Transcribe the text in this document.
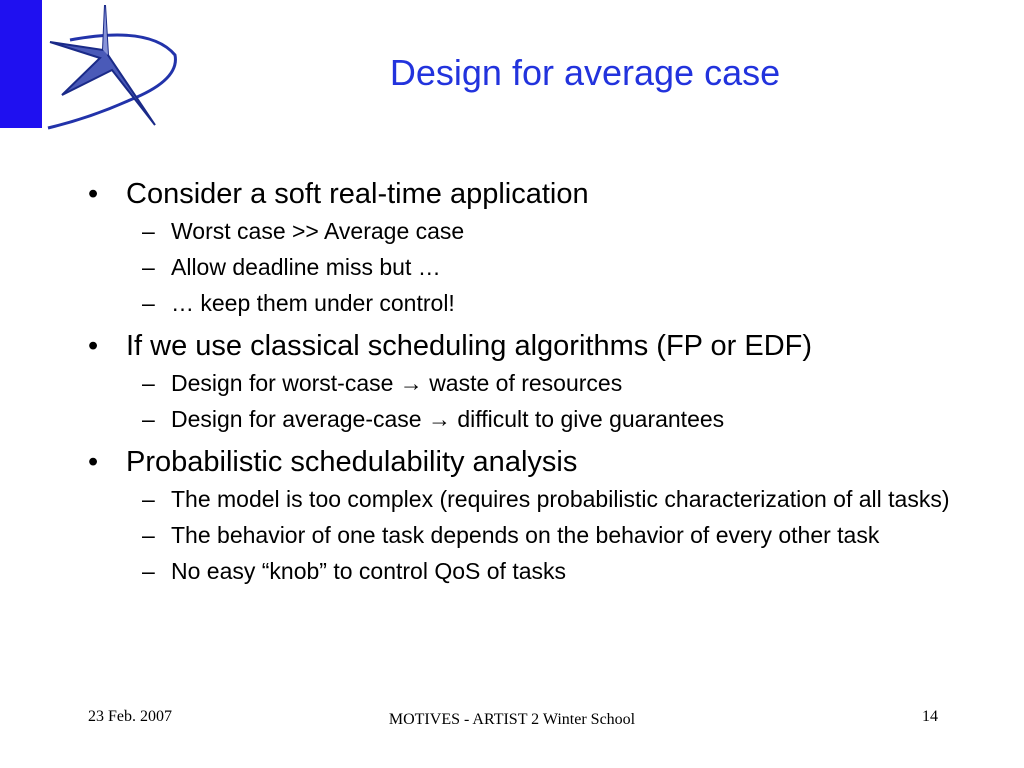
Design for average case
• Consider a soft real-time application
– Worst case >> Average case
– Allow deadline miss but …
– … keep them under control!
• If we use classical scheduling algorithms (FP or EDF)
– Design for worst-case → waste of resources
– Design for average-case → difficult to give guarantees
• Probabilistic schedulability analysis
– The model is too complex (requires probabilistic characterization of all tasks)
– The behavior of one task depends on the behavior of every other task
– No easy “knob” to control QoS of tasks
23 Feb. 2007	MOTIVES - ARTIST 2 Winter School	14
